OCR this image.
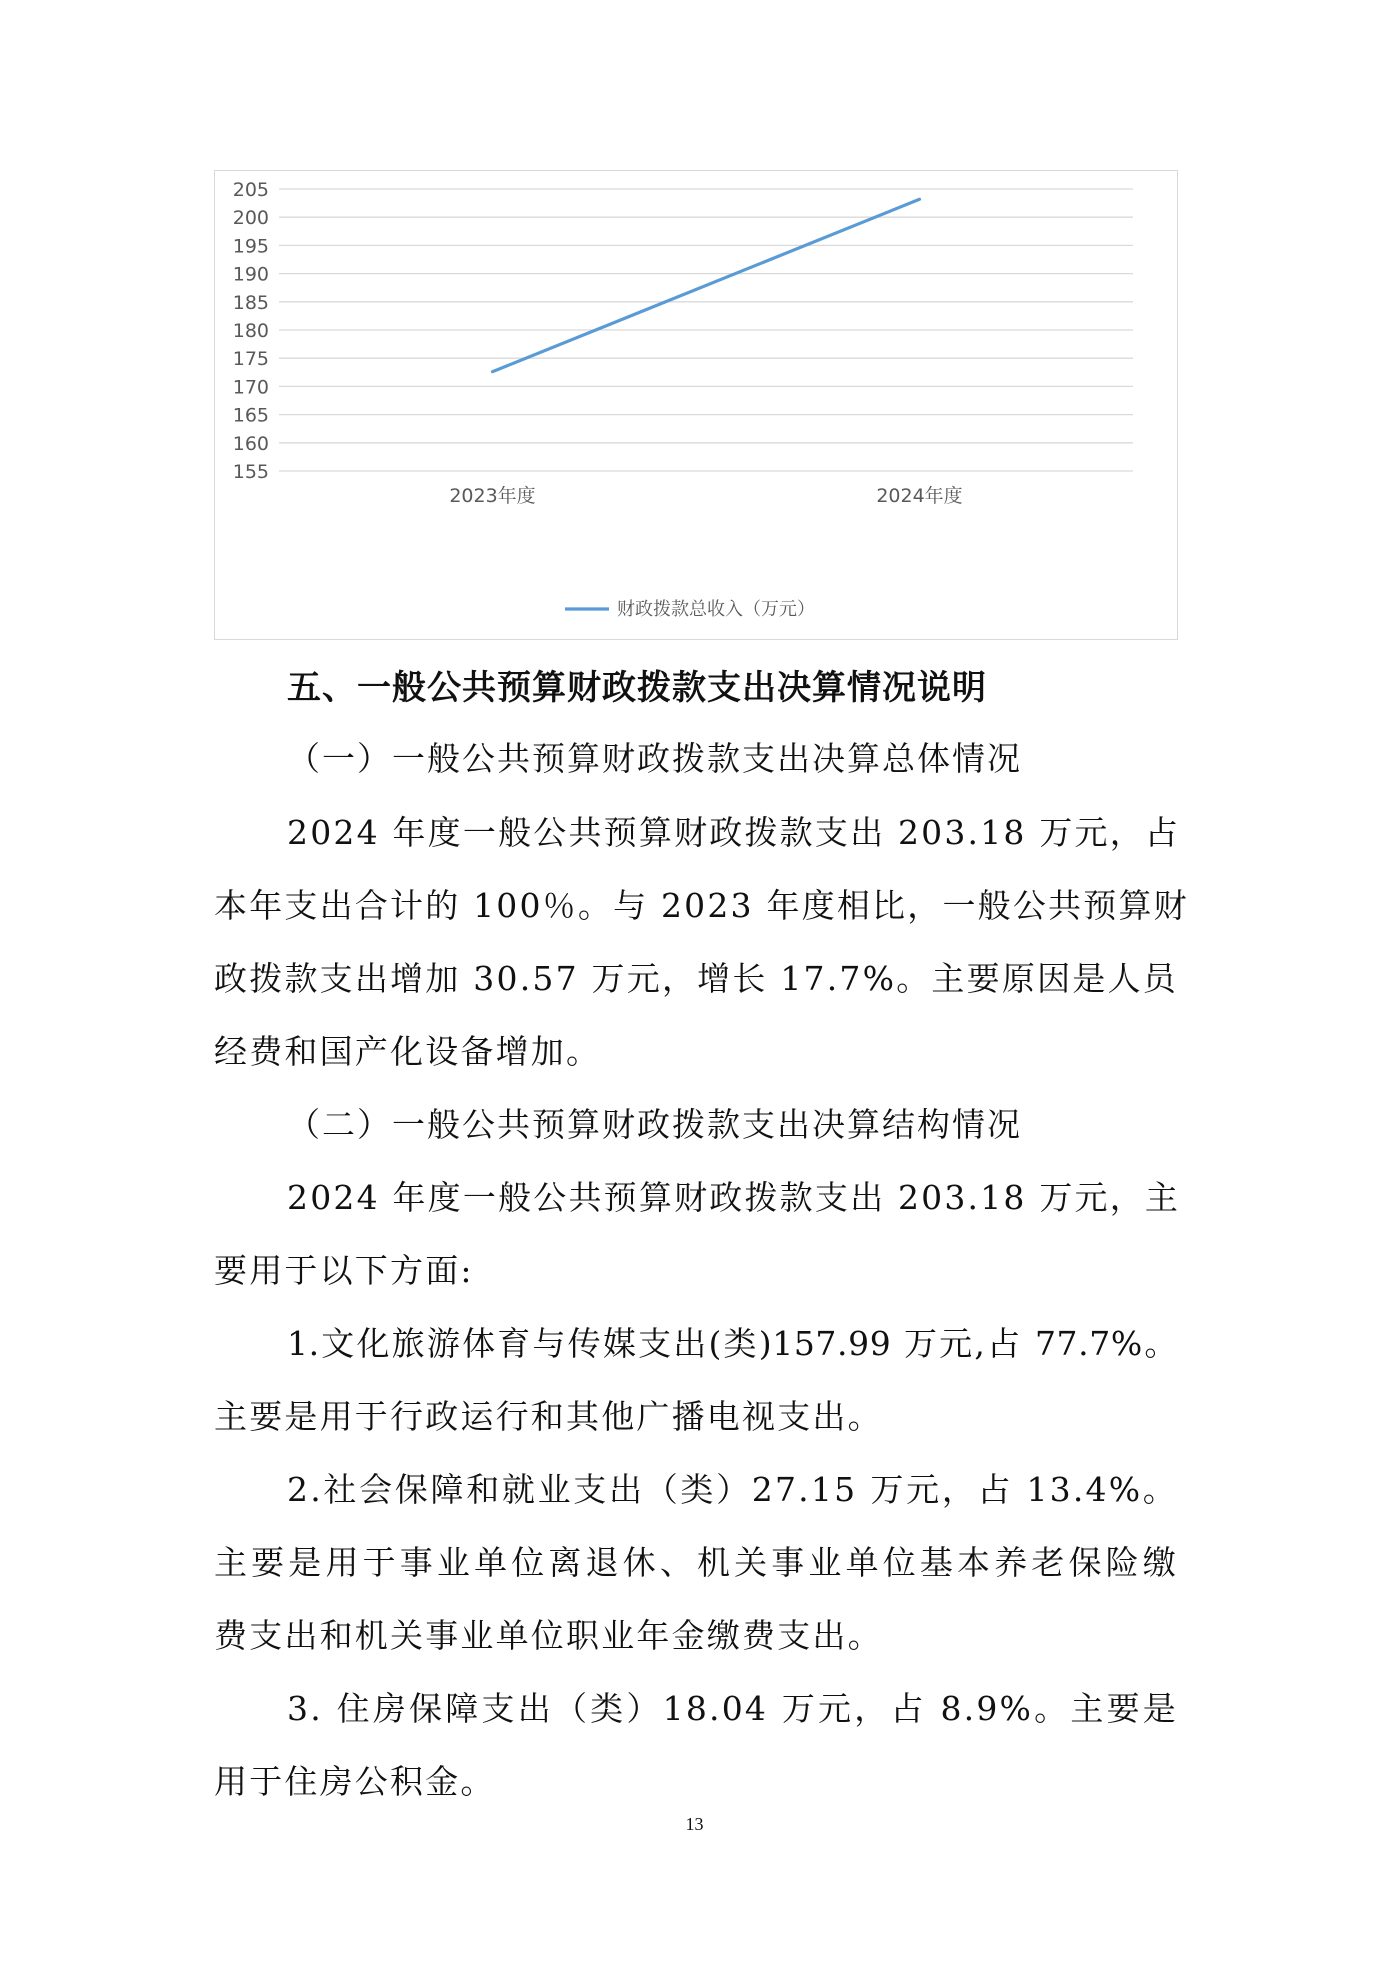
205
200
195
190
185
180
175
170
165
160
155
2023年度	2024年度
财政拨款总收入（万元）

五、一般公共预算财政拨款支出决算情况说明

（一）一般公共预算财政拨款支出决算总体情况

2024 年度一般公共预算财政拨款支出 203.18 万元，占

本年支出合计的 100％。与 2023 年度相比，一般公共预算财

政拨款支出增加 30.57 万元，增长 17.7%。主要原因是人员

经费和国产化设备增加。

（二）一般公共预算财政拨款支出决算结构情况

2024 年度一般公共预算财政拨款支出 203.18 万元，主

要用于以下方面:

1.文化旅游体育与传媒支出(类)157.99 万元,占 77.7%。

主要是用于行政运行和其他广播电视支出。

2.社会保障和就业支出（类）27.15 万元，占 13.4%。

主要是用于事业单位离退休、机关事业单位基本养老保险缴

费支出和机关事业单位职业年金缴费支出。

3. 住房保障支出（类）18.04 万元，占 8.9%。主要是

用于住房公积金。

13
